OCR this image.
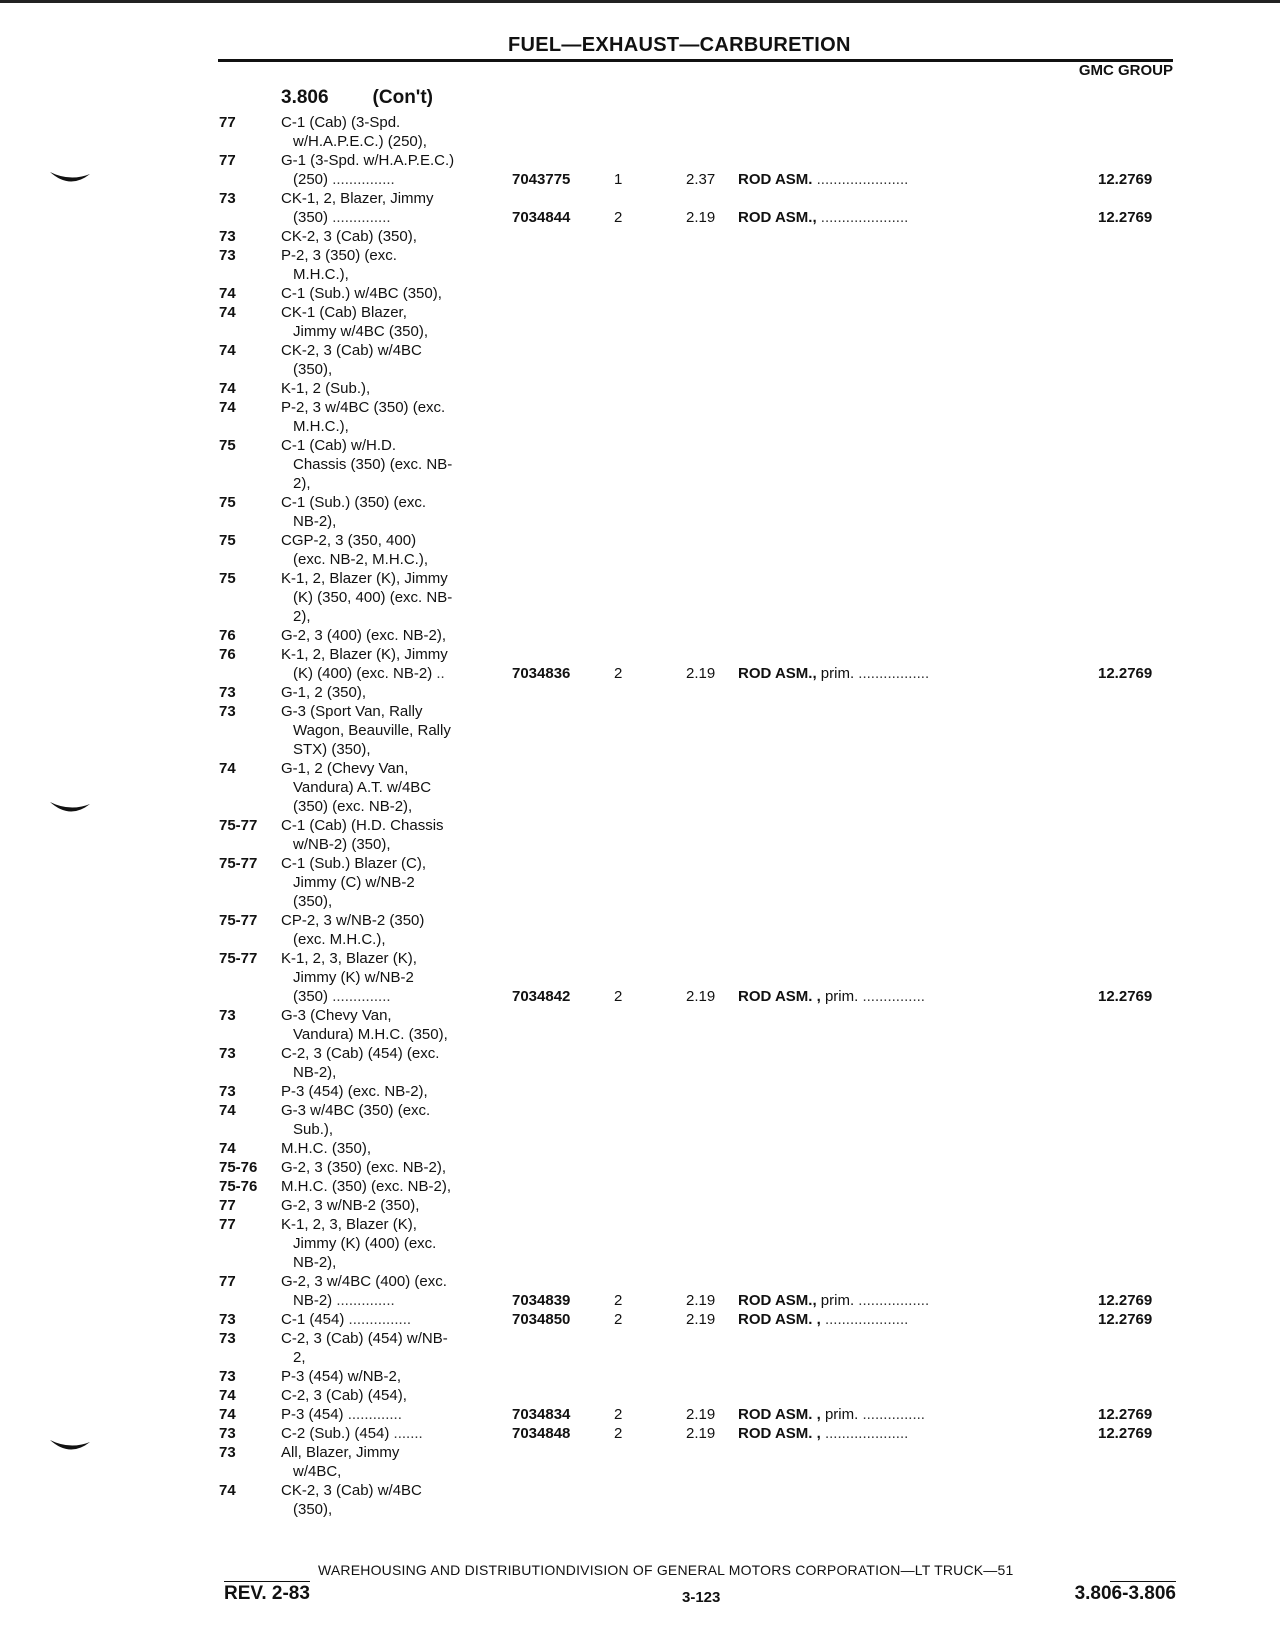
FUEL—EXHAUST—CARBURETION
GMC GROUP
3.806 (Con't)
77	C-1 (Cab) (3-Spd.
w/H.A.P.E.C.) (250),
77	G-1 (3-Spd. w/H.A.P.E.C.)
(250) ...............	7043775	1	2.37 ROD ASM. ......................	12.2769
73	CK-1, 2, Blazer, Jimmy
(350) ..............	7034844	2	2.19 ROD ASM., .....................	12.2769
73	CK-2, 3 (Cab) (350),
73	P-2, 3 (350) (exc.
M.H.C.),
74	C-1 (Sub.) w/4BC (350),
74	CK-1 (Cab) Blazer,
Jimmy w/4BC (350),
74	CK-2, 3 (Cab) w/4BC
(350),
74	K-1, 2 (Sub.),
74	P-2, 3 w/4BC (350) (exc.
M.H.C.),
75	C-1 (Cab) w/H.D.
Chassis (350) (exc. NB-
2),
75	C-1 (Sub.) (350) (exc.
NB-2),
75	CGP-2, 3 (350, 400)
(exc. NB-2, M.H.C.),
75	K-1, 2, Blazer (K), Jimmy
(K) (350, 400) (exc. NB-
2),
76	G-2, 3 (400) (exc. NB-2),
76	K-1, 2, Blazer (K), Jimmy
(K) (400) (exc. NB-2) ..	7034836	2	2.19 ROD ASM., prim. .................	12.2769
73	G-1, 2 (350),
73	G-3 (Sport Van, Rally
Wagon, Beauville, Rally
STX) (350),
74	G-1, 2 (Chevy Van,
Vandura) A.T. w/4BC
(350) (exc. NB-2),
75-77	C-1 (Cab) (H.D. Chassis
w/NB-2) (350),
75-77	C-1 (Sub.) Blazer (C),
Jimmy (C) w/NB-2
(350),
75-77	CP-2, 3 w/NB-2 (350)
(exc. M.H.C.),
75-77	K-1, 2, 3, Blazer (K),
Jimmy (K) w/NB-2
(350) ..............	7034842	2	2.19 ROD ASM. , prim. ...............	12.2769
73	G-3 (Chevy Van,
Vandura) M.H.C. (350),
73	C-2, 3 (Cab) (454) (exc.
NB-2),
73	P-3 (454) (exc. NB-2),
74	G-3 w/4BC (350) (exc.
Sub.),
74	M.H.C. (350),
75-76	G-2, 3 (350) (exc. NB-2),
75-76	M.H.C. (350) (exc. NB-2),
77	G-2, 3 w/NB-2 (350),
77	K-1, 2, 3, Blazer (K),
Jimmy (K) (400) (exc.
NB-2),
77	G-2, 3 w/4BC (400) (exc.
NB-2) ..............	7034839	2	2.19 ROD ASM., prim. .................	12.2769
73	C-1 (454) ...............	7034850	2	2.19 ROD ASM. , ....................	12.2769
73	C-2, 3 (Cab) (454) w/NB-
2,
73	P-3 (454) w/NB-2,
74	C-2, 3 (Cab) (454),
74	P-3 (454) .............	7034834	2	2.19 ROD ASM. , prim. ...............	12.2769
73	C-2 (Sub.) (454) .......	7034848	2	2.19 ROD ASM. , ....................	12.2769
73	All, Blazer, Jimmy
w/4BC,
74	CK-2, 3 (Cab) w/4BC
(350),
WAREHOUSING AND DISTRIBUTIONDIVISION OF GENERAL MOTORS CORPORATION—LT TRUCK—51
REV. 2-83	3-123	3.806-3.806
